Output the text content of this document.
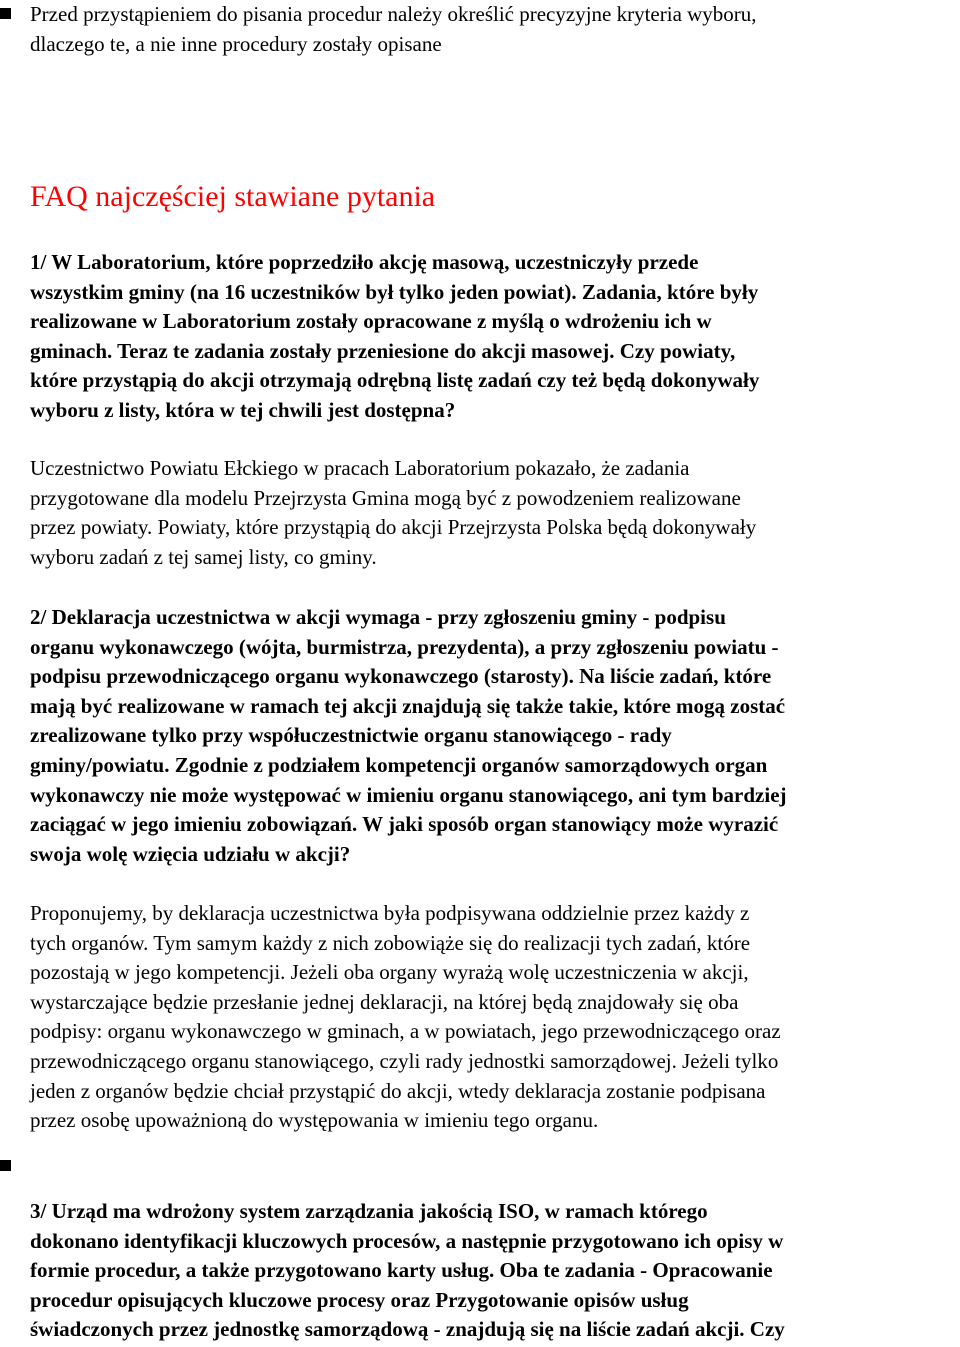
Przed przystąpieniem do pisania procedur należy określić precyzyjne kryteria wyboru,
dlaczego te, a nie inne procedury zostały opisane
FAQ najczęściej stawiane pytania
1/ W Laboratorium, które poprzedziło akcję masową, uczestniczyły przede
wszystkim gminy (na 16 uczestników był tylko jeden powiat). Zadania, które były
realizowane w Laboratorium zostały opracowane z myślą o wdrożeniu ich w
gminach. Teraz te zadania zostały przeniesione do akcji masowej. Czy powiaty,
które przystąpią do akcji otrzymają odrębną listę zadań czy też będą dokonywały
wyboru z listy, która w tej chwili jest dostępna?
Uczestnictwo Powiatu Ełckiego w pracach Laboratorium pokazało, że zadania
przygotowane dla modelu Przejrzysta Gmina mogą być z powodzeniem realizowane
przez powiaty. Powiaty, które przystąpią do akcji Przejrzysta Polska będą dokonywały
wyboru zadań z tej samej listy, co gminy.
2/ Deklaracja uczestnictwa w akcji wymaga - przy zgłoszeniu gminy - podpisu
organu wykonawczego (wójta, burmistrza, prezydenta), a przy zgłoszeniu powiatu -
podpisu przewodniczącego organu wykonawczego (starosty). Na liście zadań, które
mają być realizowane w ramach tej akcji znajdują się także takie, które mogą zostać
zrealizowane tylko przy współuczestnictwie organu stanowiącego - rady
gminy/powiatu. Zgodnie z podziałem kompetencji organów samorządowych organ
wykonawczy nie może występować w imieniu organu stanowiącego, ani tym bardziej
zaciągać w jego imieniu zobowiązań. W jaki sposób organ stanowiący może wyrazić
swoja wolę wzięcia udziału w akcji?
Proponujemy, by deklaracja uczestnictwa była podpisywana oddzielnie przez każdy z
tych organów. Tym samym każdy z nich zobowiąże się do realizacji tych zadań, które
pozostają w jego kompetencji. Jeżeli oba organy wyrażą wolę uczestniczenia w akcji,
wystarczające będzie przesłanie jednej deklaracji, na której będą znajdowały się oba
podpisy: organu wykonawczego w gminach, a w powiatach, jego przewodniczącego oraz
przewodniczącego organu stanowiącego, czyli rady jednostki samorządowej. Jeżeli tylko
jeden z organów będzie chciał przystąpić do akcji, wtedy deklaracja zostanie podpisana
przez osobę upoważnioną do występowania w imieniu tego organu.
3/ Urząd ma wdrożony system zarządzania jakością ISO, w ramach którego
dokonano identyfikacji kluczowych procesów, a następnie przygotowano ich opisy w
formie procedur, a także przygotowano karty usług. Oba te zadania - Opracowanie
procedur opisujących kluczowe procesy oraz Przygotowanie opisów usług
świadczonych przez jednostkę samorządową - znajdują się na liście zadań akcji. Czy
